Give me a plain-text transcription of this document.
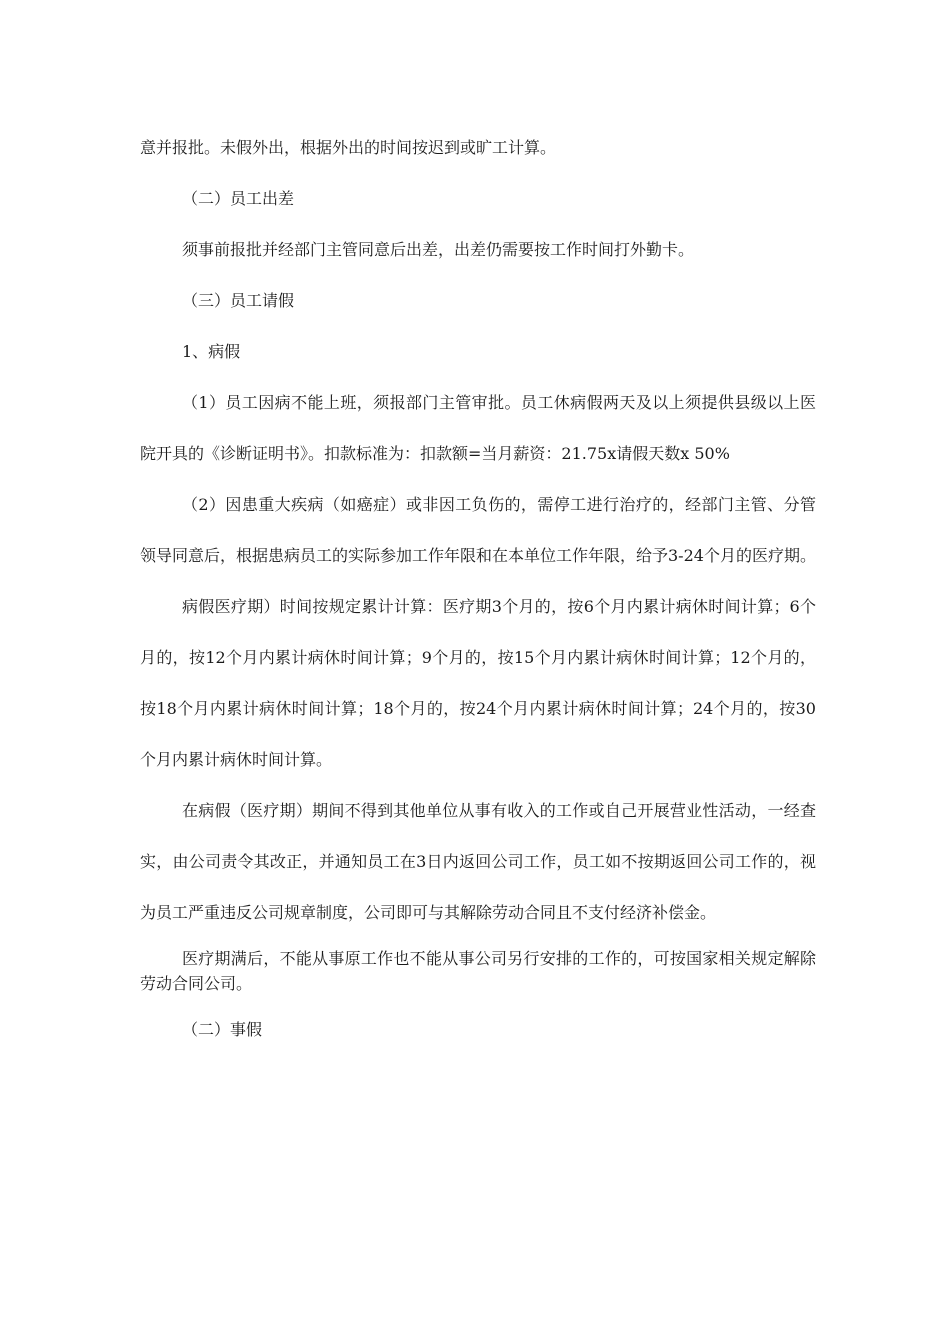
意并报批。未假外出，根据外出的时间按迟到或旷工计算。

（二）员工出差

须事前报批并经部门主管同意后出差，出差仍需要按工作时间打外勤卡。

（三）员工请假

1、病假

（1）员工因病不能上班，须报部门主管审批。员工休病假两天及以上须提供县级以上医院开具的《诊断证明书》。扣款标准为：扣款额=当月薪资：21.75x请假天数x 50%

（2）因患重大疾病（如癌症）或非因工负伤的，需停工进行治疗的，经部门主管、分管领导同意后，根据患病员工的实际参加工作年限和在本单位工作年限，给予3-24个月的医疗期。

病假医疗期）时间按规定累计计算：医疗期3个月的，按6个月内累计病休时间计算；6个月的，按12个月内累计病休时间计算；9个月的，按15个月内累计病休时间计算；12个月的，按18个月内累计病休时间计算；18个月的，按24个月内累计病休时间计算；24个月的，按30个月内累计病休时间计算。

在病假（医疗期）期间不得到其他单位从事有收入的工作或自己开展营业性活动，一经查实，由公司责令其改正，并通知员工在3日内返回公司工作，员工如不按期返回公司工作的，视为员工严重违反公司规章制度，公司即可与其解除劳动合同且不支付经济补偿金。

医疗期满后，不能从事原工作也不能从事公司另行安排的工作的，可按国家相关规定解除劳动合同公司。

（二）事假
